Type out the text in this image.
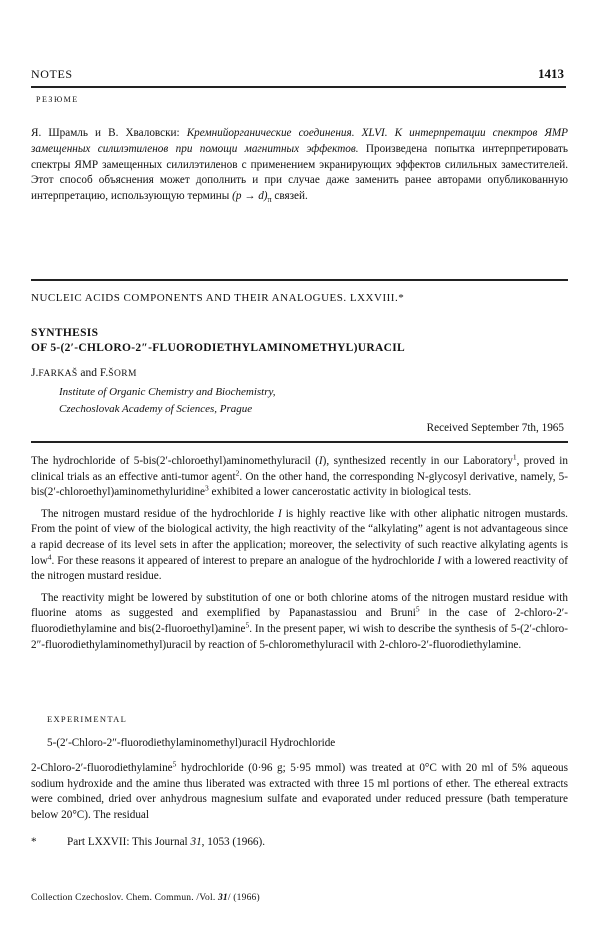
NOTES	1413
РЕЗЮМЕ
Я. Шрамль и В. Хвалoвски: Кремнийорганические соединения. XLVI. К интерпретации спектров ЯМР замещенных силилэтиленов при помощи магнитных эффектов. Произведена попытка интерпретировать спектры ЯМР замещенных силилэтиленов с применением экранирующих эффектов силильных заместителей. Этот способ объяснения может дополнить и при случае даже заменить ранее авторами опубликованную интерпретацию, использующую термины $(p \to d)_\pi$ связей.
NUCLEIC ACIDS COMPONENTS AND THEIR ANALOGUES. LXXVIII.*
SYNTHESIS
OF 5-(2′-CHLORO-2″-FLUORODIETHYLAMINOMETHYL)URACIL
J.FARKAŠ and F.ŠORM
Institute of Organic Chemistry and Biochemistry,
Czechoslovak Academy of Sciences, Prague
Received September 7th, 1965

The hydrochloride of 5-bis(2′-chloroethyl)aminomethyluracil (I), synthesized recently in our Laboratory$^1$, proved in clinical trials as an effective anti-tumor agent$^2$. On the other hand, the corresponding N-glycosyl derivative, namely, 5-bis(2′-chloroethyl)aminomethyluridine$^3$ exhibited a lower cancerostatic activity in biological tests.

The nitrogen mustard residue of the hydrochloride I is highly reactive like with other aliphatic nitrogen mustards. From the point of view of the biological activity, the high reactivity of the “alkylating” agent is not advantageous since a rapid decrease of its level sets in after the application; moreover, the selectivity of such reactive alkylating agents is low$^4$. For these reasons it appeared of interest to prepare an analogue of the hydrochloride I with a lowered reactivity of the nitrogen mustard residue.

The reactivity might be lowered by substitution of one or both chlorine atoms of the nitrogen mustard residue with fluorine atoms as suggested and exemplified by Papanastassiou and Bruni$^5$ in the case of 2-chloro-2′-fluorodiethylamine and bis(2-fluoroethyl)amine$^5$. In the present paper, wi wish to describe the synthesis of 5-(2′-chloro-2″-fluorodiethylaminomethyl)uracil by reaction of 5-chloromethyluracil with 2-chloro-2′-fluorodiethylamine.

EXPERIMENTAL
5-(2′-Chloro-2″-fluorodiethylaminomethyl)uracil Hydrochloride
2-Chloro-2′-fluorodiethylamine$^5$ hydrochloride (0·96 g; 5·95 mmol) was treated at 0°C with 20 ml of 5% aqueous sodium hydroxide and the amine thus liberated was extracted with three 15 ml portions of ether. The ethereal extracts were combined, dried over anhydrous magnesium sulfate and evaporated under reduced pressure (bath temperature below 20°C). The residual
*	Part LXXVII: This Journal 31, 1053 (1966).
Collection Czechoslov. Chem. Commun. /Vol. 31/ (1966)
